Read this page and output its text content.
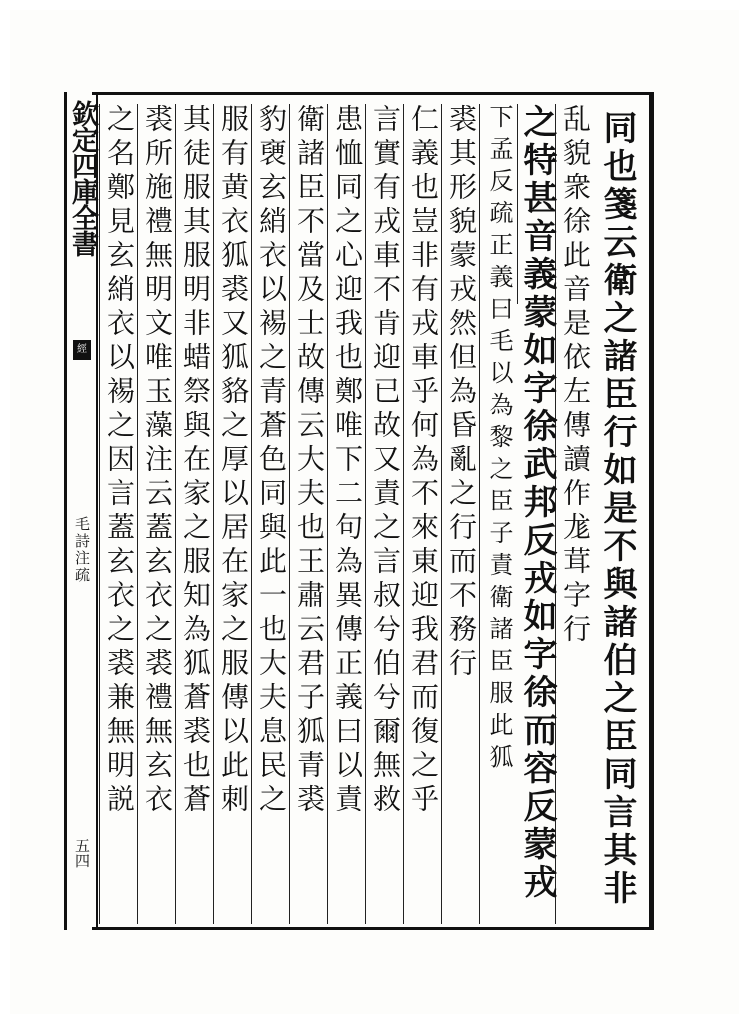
欽定四庫全書
經
毛詩注疏
五四	同也箋云衛之諸臣行如是不與諸伯之臣同言其非
乱貌衆徐此音是依左傳讀作尨茸字行
之特甚音義蒙如字徐武邦反戎如字徐而容反蒙戎
下孟反疏正義曰毛以為黎之臣子責衛諸臣服此狐
裘其形貌蒙戎然但為昏亂之行而不務行
仁義也豈非有戎車乎何為不來東迎我君而復之乎
言實有戎車不肯迎已故又責之言叔兮伯兮爾無救
患恤同之心迎我也鄭唯下二句為異傳正義曰以責
衛諸臣不當及士故傳云大夫也王肅云君子狐青裘
豹褏玄綃衣以裼之青蒼色同與此一也大夫息民之
服有黄衣狐裘又狐貉之厚以居在家之服傳以此刺
其徒服其服明非蜡祭與在家之服知為狐蒼裘也蒼
裘所施禮無明文唯玉藻注云蓋玄衣之裘禮無玄衣
之名鄭見玄綃衣以裼之因言蓋玄衣之裘兼無明説
